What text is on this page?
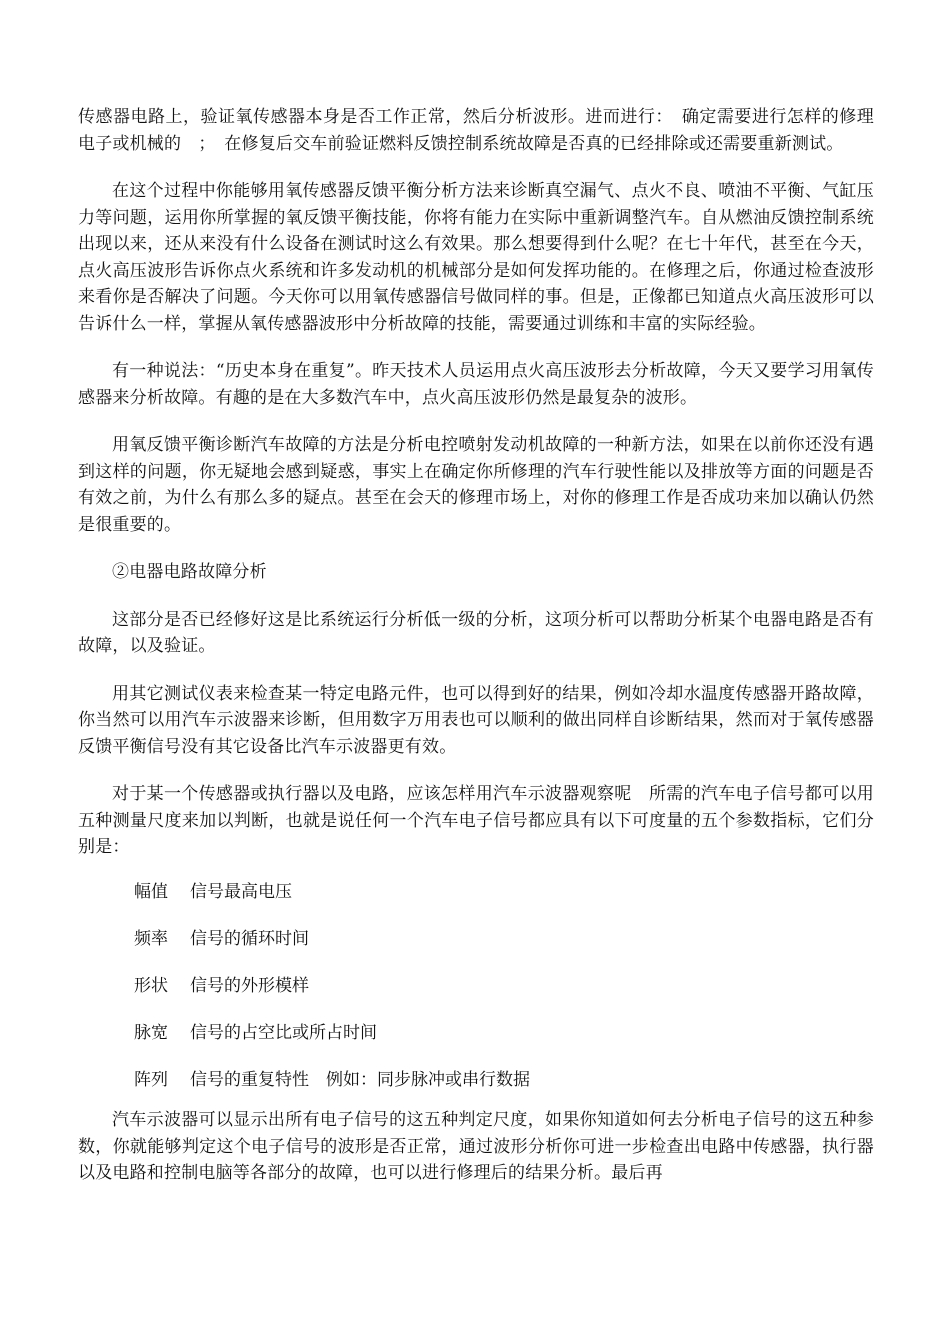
传感器电路上，验证氧传感器本身是否工作正常，然后分析波形。进而进行：　确定需要进行怎样的修理　电子或机械的　；　在修复后交车前验证燃料反馈控制系统故障是否真的已经排除或还需要重新测试。

在这个过程中你能够用氧传感器反馈平衡分析方法来诊断真空漏气、点火不良、喷油不平衡、气缸压力等问题，运用你所掌握的氧反馈平衡技能，你将有能力在实际中重新调整汽车。自从燃油反馈控制系统出现以来，还从来没有什么设备在测试时这么有效果。那么想要得到什么呢？在七十年代，甚至在今天，点火高压波形告诉你点火系统和许多发动机的机械部分是如何发挥功能的。在修理之后，你通过检查波形来看你是否解决了问题。今天你可以用氧传感器信号做同样的事。但是，正像都已知道点火高压波形可以告诉什么一样，掌握从氧传感器波形中分析故障的技能，需要通过训练和丰富的实际经验。

有一种说法：“历史本身在重复”。昨天技术人员运用点火高压波形去分析故障，今天又要学习用氧传感器来分析故障。有趣的是在大多数汽车中，点火高压波形仍然是最复杂的波形。

用氧反馈平衡诊断汽车故障的方法是分析电控喷射发动机故障的一种新方法，如果在以前你还没有遇到这样的问题，你无疑地会感到疑惑，事实上在确定你所修理的汽车行驶性能以及排放等方面的问题是否有效之前，为什么有那么多的疑点。甚至在会天的修理市场上，对你的修理工作是否成功来加以确认仍然是很重要的。

②电器电路故障分析

这部分是否已经修好这是比系统运行分析低一级的分析，这项分析可以帮助分析某个电器电路是否有故障，以及验证。

用其它测试仪表来检查某一特定电路元件，也可以得到好的结果，例如冷却水温度传感器开路故障，你当然可以用汽车示波器来诊断，但用数字万用表也可以顺利的做出同样自诊断结果，然而对于氧传感器反馈平衡信号没有其它设备比汽车示波器更有效。

对于某一个传感器或执行器以及电路，应该怎样用汽车示波器观察呢　所需的汽车电子信号都可以用五种测量尺度来加以判断，也就是说任何一个汽车电子信号都应具有以下可度量的五个参数指标，它们分别是：

幅值	信号最高电压
频率	信号的循环时间
形状	信号的外形模样
脉宽	信号的占空比或所占时间
阵列	信号的重复特性　例如：同步脉冲或串行数据

汽车示波器可以显示出所有电子信号的这五种判定尺度，如果你知道如何去分析电子信号的这五种参数，你就能够判定这个电子信号的波形是否正常，通过波形分析你可进一步检查出电路中传感器，执行器以及电路和控制电脑等各部分的故障，也可以进行修理后的结果分析。最后再
